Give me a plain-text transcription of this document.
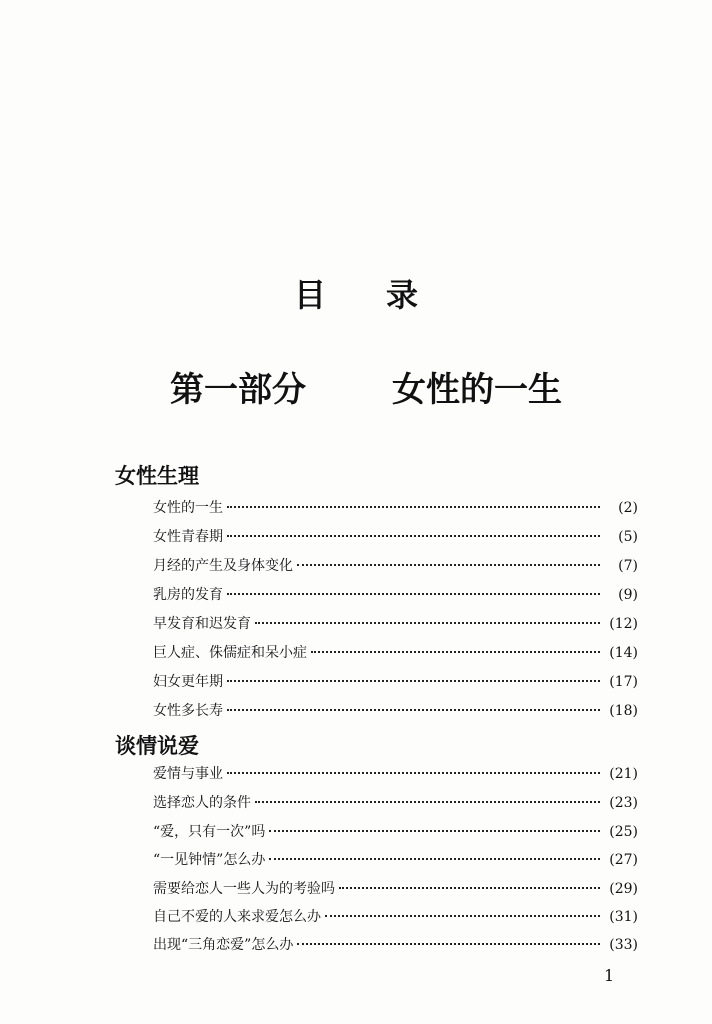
目录
第一部分	女性的一生
女性生理
女性的一生	(2)
女性青春期	(5)
月经的产生及身体变化	(7)
乳房的发育	(9)
早发育和迟发育	(12)
巨人症、侏儒症和呆小症	(14)
妇女更年期	(17)
女性多长寿	(18)
谈情说爱
爱情与事业	(21)
选择恋人的条件	(23)
“爱，只有一次”吗	(25)
“一见钟情”怎么办	(27)
需要给恋人一些人为的考验吗	(29)
自己不爱的人来求爱怎么办	(31)
出现“三角恋爱”怎么办	(33)
1
